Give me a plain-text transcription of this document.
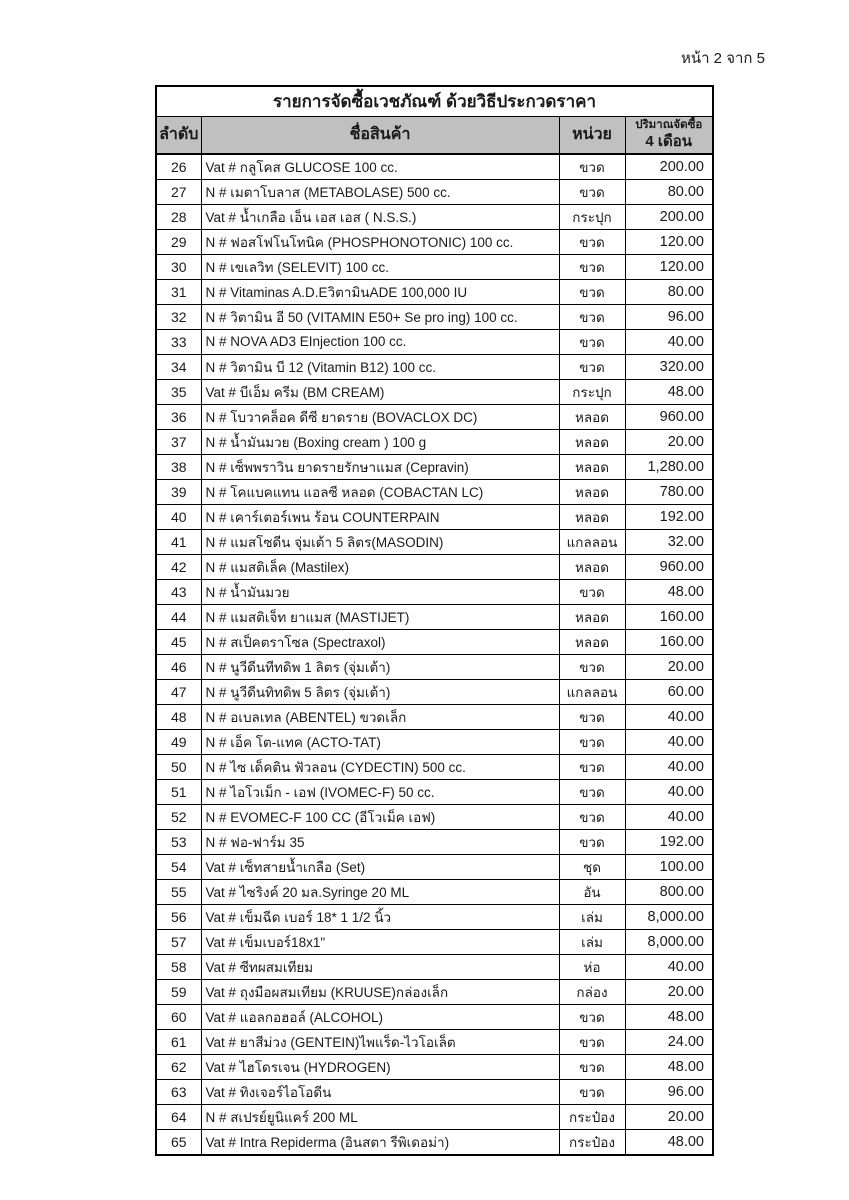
หน้า 2 จาก 5
รายการจัดซื้อเวชภัณฑ์ ด้วยวิธีประกวดราคา			
ลำดับ	ชื่อสินค้า	หน่วย	ปริมาณจัดซื้อ
4 เดือน

26	Vat # กลูโคส GLUCOSE 100 cc.	ขวด	200.00
27	N # เมตาโบลาส (METABOLASE) 500 cc.	ขวด	80.00
28	Vat # น้ำเกลือ เอ็น เอส เอส ( N.S.S.)	กระปุก	200.00
29	N # ฟอสโฟโนโทนิค (PHOSPHONOTONIC) 100 cc.	ขวด	120.00
30	N # เขเลวิท (SELEVIT) 100 cc.	ขวด	120.00
31	N # Vitaminas A.D.EวิตามินADE 100,000 IU	ขวด	80.00
32	N # วิตามิน อี 50 (VITAMIN E50+ Se pro ing) 100 cc.	ขวด	96.00
33	N # NOVA AD3 EInjection 100 cc.	ขวด	40.00
34	N # วิตามิน บี 12 (Vitamin B12) 100 cc.	ขวด	320.00
35	Vat # บีเอ็ม ครีม (BM CREAM)	กระปุก	48.00
36	N # โบวาคล็อค ดีซี ยาดราย (BOVACLOX DC)	หลอด	960.00
37	N # น้ำมันมวย (Boxing cream ) 100 g	หลอด	20.00
38	N # เซ็พพราวิน ยาดรายรักษาแมส (Cepravin)	หลอด	1,280.00
39	N # โคแบคแทน แอลซี หลอด (COBACTAN LC)	หลอด	780.00
40	N # เคาร์เตอร์เพน ร้อน COUNTERPAIN	หลอด	192.00
41	N # แมสโซดีน จุ่มเต้า 5 ลิตร(MASODIN)	แกลลอน	32.00
42	N # แมสติเล็ค (Mastilex)	หลอด	960.00
43	N # น้ำมันมวย	ขวด	48.00
44	N # แมสติเจ็ท ยาแมส (MASTIJET)	หลอด	160.00
45	N # สเป็คตราโซล (Spectraxol)	หลอด	160.00
46	N # นูวีดีนทีทดิพ 1 ลิตร (จุ่มเต้า)	ขวด	20.00
47	N # นูวีดีนทิทดิพ 5 ลิตร (จุ่มเต้า)	แกลลอน	60.00
48	N # อเบลเทล (ABENTEL) ขวดเล็ก	ขวด	40.00
49	N # เอ็ค โต-แทค (ACTO-TAT)	ขวด	40.00
50	N # ไซ เด็คติน ฟัวลอน (CYDECTIN) 500 cc.	ขวด	40.00
51	N # ไอโวเม็ก - เอฟ (IVOMEC-F) 50 cc.	ขวด	40.00
52	N # EVOMEC-F 100 CC (อีโวเม็ค เอฟ)	ขวด	40.00
53	N # ฟอ-ฟาร์ม 35	ขวด	192.00
54	Vat # เซ็ทสายน้ำเกลือ (Set)	ชุด	100.00
55	Vat # ไซริงค์ 20 มล.Syringe 20 ML	อัน	800.00
56	Vat # เข็มฉีด เบอร์ 18* 1 1/2 นิ้ว	เล่ม	8,000.00
57	Vat # เข็มเบอร์18x1"	เล่ม	8,000.00
58	Vat # ซีทผสมเทียม	ห่อ	40.00
59	Vat # ถุงมือผสมเทียม (KRUUSE)กล่องเล็ก	กล่อง	20.00
60	Vat # แอลกอฮอล์ (ALCOHOL)	ขวด	48.00
61	Vat # ยาสีม่วง (GENTEIN)ไพแร็ด-ไวโอเล็ต	ขวด	24.00
62	Vat # ไฮโดรเจน (HYDROGEN)	ขวด	48.00
63	Vat # ทิงเจอร์ไอโอดีน	ขวด	96.00
64	N # สเปรย์ยูนิแคร์ 200 ML	กระป๋อง	20.00
65	Vat # Intra Repiderma (อินสตา รีพิเดอม่า)	กระป๋อง	48.00
